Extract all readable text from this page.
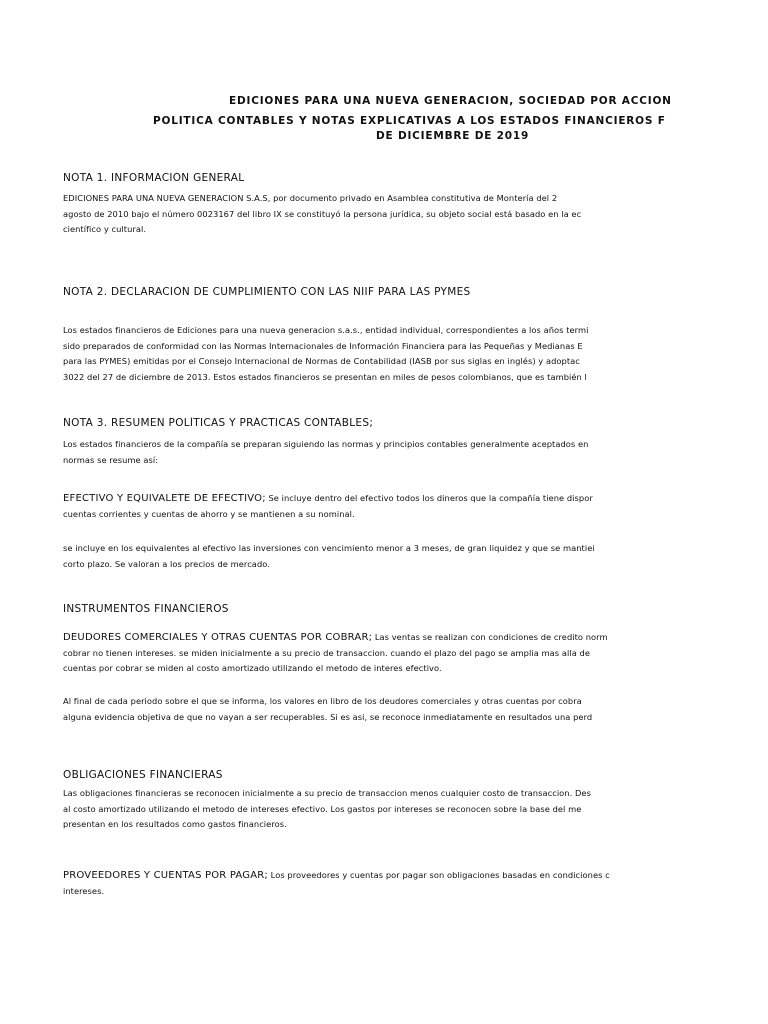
EDICIONES PARA UNA NUEVA GENERACION, SOCIEDAD POR ACCION
POLITICA CONTABLES Y NOTAS EXPLICATIVAS A LOS ESTADOS FINANCIEROS F
DE DICIEMBRE DE 2019
NOTA 1. INFORMACIÓN GENERAL
EDICIONES PARA UNA NUEVA GENERACION S.A.S, por documento privado en Asamblea constitutiva de Montería del 2
agosto de 2010 bajo el número 0023167 del libro IX se constituyó la persona jurídica, su objeto social está basado en la ec
científico y cultural.
NOTA 2. DECLARACIÓN DE CUMPLIMIENTO CON LAS NIIF PARA LAS PYMES
Los estados financieros de Ediciones para una nueva generacion s.a.s., entidad individual, correspondientes a los años termi
sido preparados de conformidad con las Normas Internacionales de Información Financiera para las Pequeñas y Medianas E
para las PYMES) emitidas por el Consejo Internacional de Normas de Contabilidad (IASB por sus siglas en inglés) y adoptac
3022 del 27 de diciembre de 2013. Estos estados financieros se presentan en miles de pesos colombianos, que es también l
NOTA 3. RESUMEN POLÍTICAS Y PRÁCTICAS CONTABLES;
Los estados financieros de la compañía se preparan siguiendo las normas y principios contables generalmente aceptados en
normas se resume así:
EFECTIVO Y EQUIVALETE DE EFECTIVO; Se incluye dentro del efectivo todos los dineros que la compañía tiene dispor
cuentas corrientes y cuentas de ahorro y se mantienen a su nominal.
se incluye en los equivalentes al efectivo las inversiones con vencimiento menor a 3 meses, de gran liquidez y que se mantiei
corto plazo. Se valoran a los precios de mercado.
INSTRUMENTOS FINANCIEROS
DEUDORES COMERCIALES Y OTRAS CUENTAS POR COBRAR; Las ventas se realizan con condiciones de credito norm
cobrar no tienen intereses. se miden inicialmente a su precio de transaccion. cuando el plazo del pago se amplia mas alla de
cuentas por cobrar se miden al costo amortizado utilizando el metodo de interes efectivo.
Al final de cada periodo sobre el que se informa, los valores en libro de los deudores comerciales y otras cuentas por cobra
alguna evidencia objetiva de que no vayan a ser recuperables. Si es asi, se reconoce inmediatamente en resultados una perd
OBLIGACIONES FINANCIERAS
Las obligaciones financieras se reconocen inicialmente a su precio de transaccion menos cualquier costo de transaccion. Des
al costo amortizado utilizando el metodo de intereses efectivo. Los gastos por intereses se reconocen sobre la base del me
presentan en los resultados como gastos financieros.
PROVEEDORES Y CUENTAS POR PAGAR; Los proveedores y cuentas por pagar son obligaciones basadas en condiciones c
intereses.
